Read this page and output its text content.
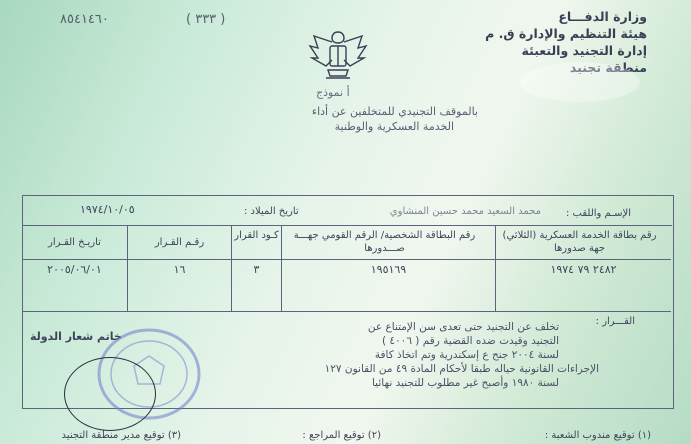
٨٥٤١٤٦٠	( ٣٣٣ )	وزارة الدفـــاع
هيئة التنظيم والإدارة ق. م
إدارة التجنيد والتعبئة
منطقة تجنيد
أ نموذج
بالموقف التجنيدي للمتخلفين عن أداء
الخدمة العسكرية والوطنية
الإسـم واللقب :
محمد السعيد محمد حسين المنشاوي
تاريخ الميلاد :
١٩٧٤/١٠/٠٥
رقم بطاقة الخدمة العسكرية (الثلاثي) جهة صدورها
رقم البطاقة الشخصية/ الرقم القومي جهـــة صـــدورها
كـود القرار
رقـم القـرار
تاريـخ القـرار
٢٤٨٢ ٧٩ ١٩٧٤
١٩٥١٦٩
٣
١٦
٢٠٠٥/٠٦/٠١
القـــرار :
تخلف عن التجنيد حتى تعدى سن الإمتناع عن
التجنيد وقيدت ضده القضية رقم ( ٤٠٠٦ )
لسنة ٢٠٠٤ جنح ع إسكندرية وتم اتخاذ كافة
الإجراءات القانونية حياله طبقا لأحكام المادة ٤٩ من القانون ١٢٧
لسنة ١٩٨٠ وأصبح غير مطلوب للتجنيد نهائيا
خاتم شعار الدولة
(١) توقيع مندوب الشعبة :
(٢) توقيع المراجع :
(٣) توقيع مدير منطقة التجنيد
